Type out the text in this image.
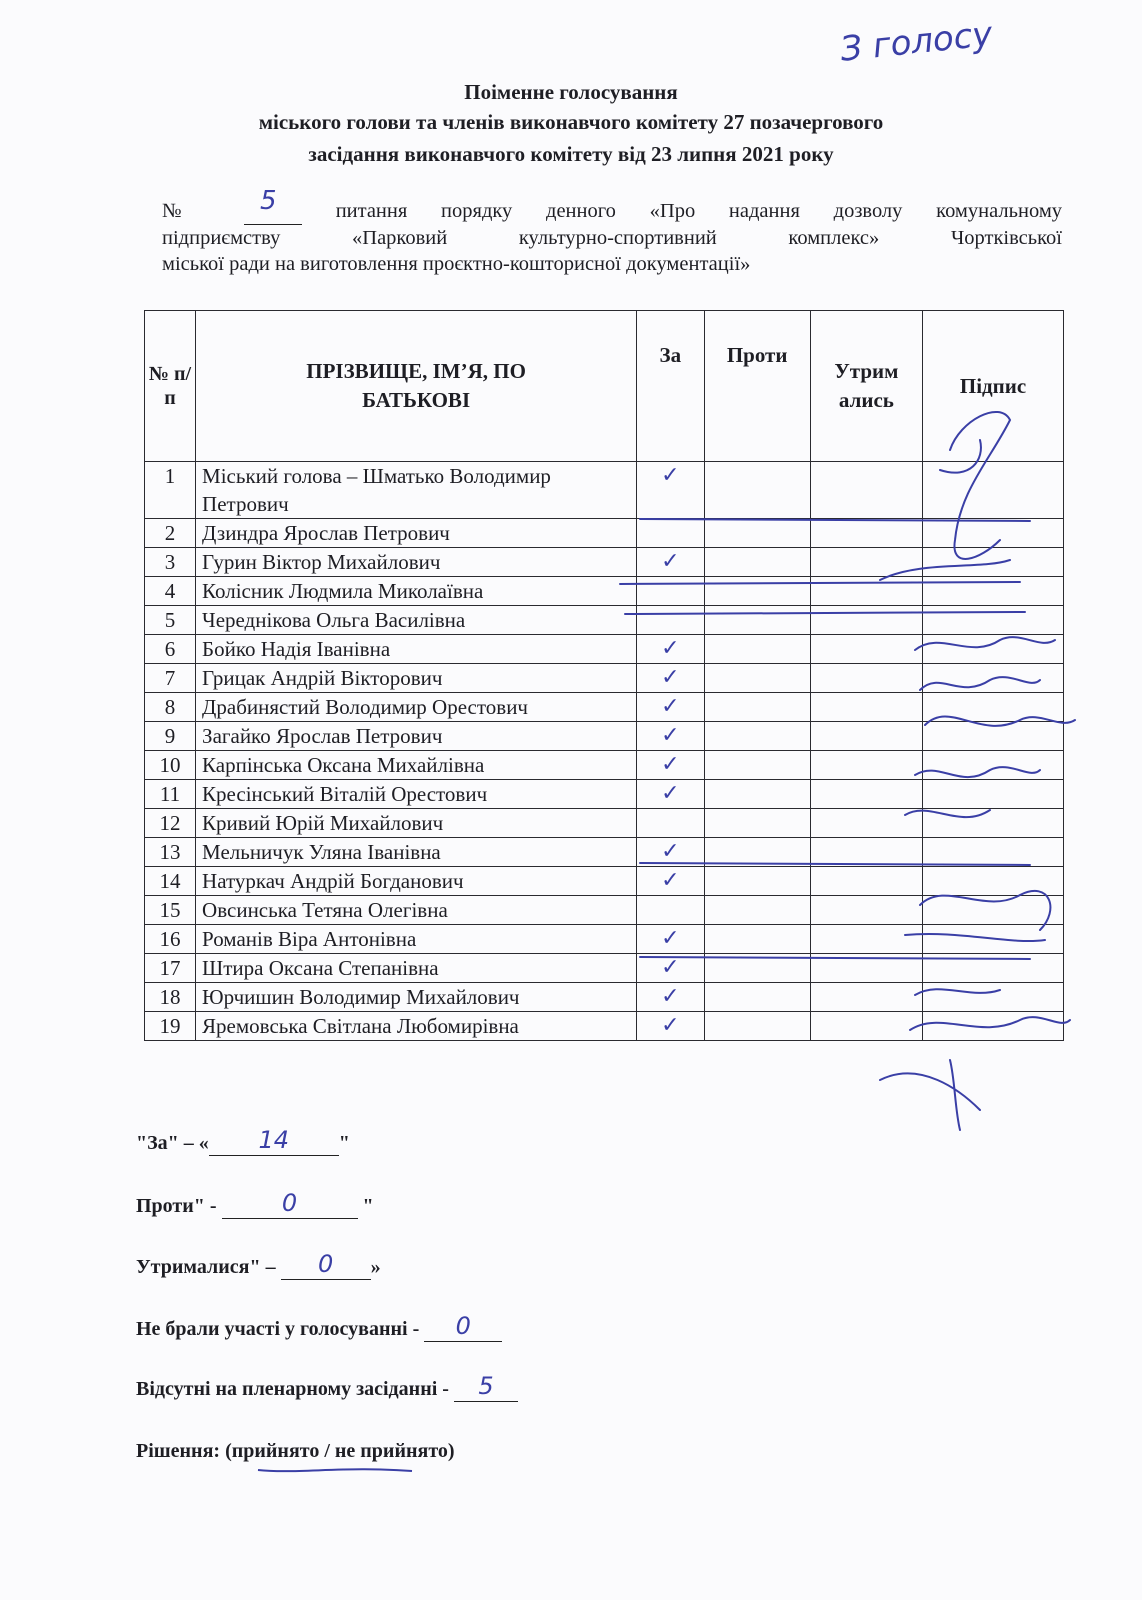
З голосу
Поіменне голосування
міського голови та членів виконавчого комітету 27 позачергового
засідання виконавчого комітету від 23 липня 2021 року
№ 5	питання порядку денного «Про надання дозволу комунальному
підприємству «Парковий культурно-спортивний комплекс» Чортківської
міської ради на виготовлення проєктно-кошторисної документації»
№ п/п	ПРІЗВИЩЕ, ІМ’Я, ПО БАТЬКОВІ	За	Проти	Утрим ались	Підпис
1	Міський голова – Шматько Володимир Петрович	✓			

2	Дзиндра Ярослав Петрович				
3	Гурин Віктор Михайлович	✓			

4	Колісник Людмила Миколаївна				
5	Череднікова Ольга Василівна				
6	Бойко Надія Іванівна	✓			

7	Грицак Андрій Вікторович	✓			

8	Драбинястий Володимир Орестович	✓			

9	Загайко Ярослав Петрович	✓			

10	Карпінська Оксана Михайлівна	✓			

11	Кресінський Віталій Орестович	✓			

12	Кривий Юрій Михайлович				
13	Мельничук Уляна Іванівна	✓			

14	Натуркач Андрій Богданович	✓			

15	Овсинська Тетяна Олегівна				
16	Романів Віра Антонівна	✓			

17	Штира Оксана Степанівна	✓			

18	Юрчишин Володимир Михайлович	✓			

19	Яремовська Світлана Любомирівна	✓			

"За" – «	14	"
Проти" -	0	"
Утрималися" –	0	»
Не брали участі у голосуванні -	0
Відсутні на пленарному засіданні -	5
Рішення: (прийнято / не прийнято)
